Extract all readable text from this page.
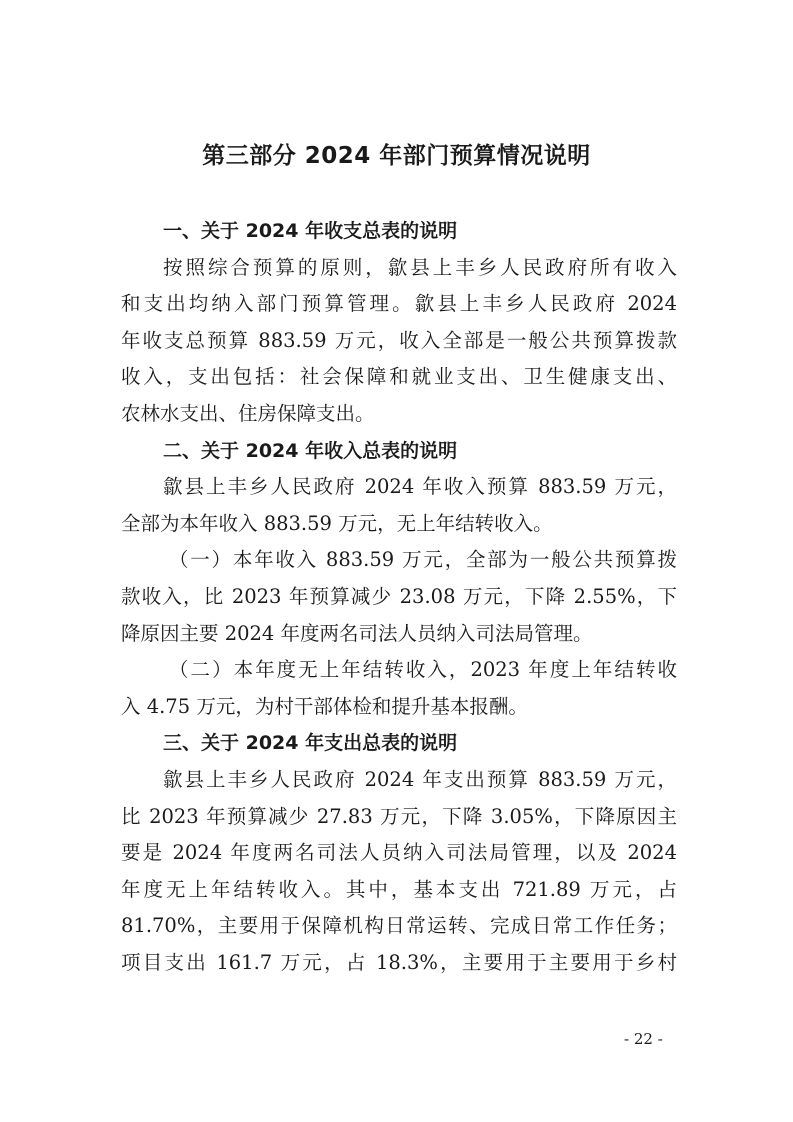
第三部分 2024 年部门预算情况说明
一、关于 2024 年收支总表的说明
按照综合预算的原则，歙县上丰乡人民政府所有收入
和支出均纳入部门预算管理。歙县上丰乡人民政府 2024
年收支总预算 883.59 万元，收入全部是一般公共预算拨款
收入，支出包括：社会保障和就业支出、卫生健康支出、
农林水支出、住房保障支出。
二、关于 2024 年收入总表的说明
歙县上丰乡人民政府 2024 年收入预算 883.59 万元，
全部为本年收入 883.59 万元，无上年结转收入。
（一）本年收入 883.59 万元，全部为一般公共预算拨
款收入，比 2023 年预算减少 23.08 万元，下降 2.55%，下
降原因主要 2024 年度两名司法人员纳入司法局管理。
（二）本年度无上年结转收入，2023 年度上年结转收
入 4.75 万元，为村干部体检和提升基本报酬。
三、关于 2024 年支出总表的说明
歙县上丰乡人民政府 2024 年支出预算 883.59 万元，
比 2023 年预算减少 27.83 万元，下降 3.05%，下降原因主
要是 2024 年度两名司法人员纳入司法局管理，以及 2024
年度无上年结转收入。其中，基本支出 721.89 万元，占
81.70%，主要用于保障机构日常运转、完成日常工作任务；
项目支出 161.7 万元，占 18.3%，主要用于主要用于乡村
- 22 -
